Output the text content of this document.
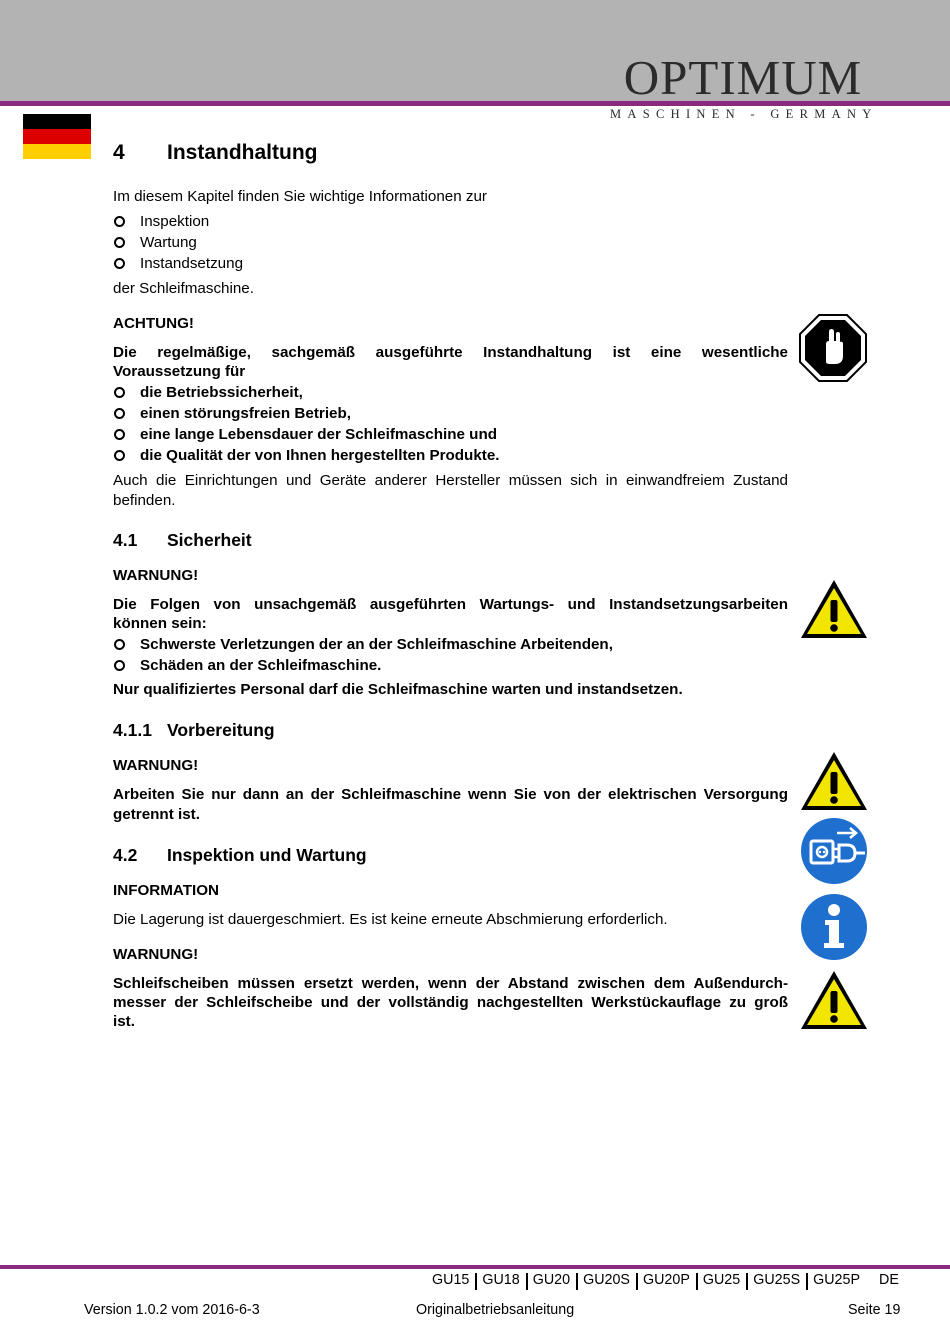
OPTIMUM
MASCHINEN - GERMANY
4 Instandhaltung
Im diesem Kapitel finden Sie wichtige Informationen zur
Inspektion
Wartung
Instandsetzung
der Schleifmaschine.
ACHTUNG!
Die regelmäßige, sachgemäß ausgeführte Instandhaltung ist eine wesentliche
Voraussetzung für
die Betriebssicherheit,
einen störungsfreien Betrieb,
eine lange Lebensdauer der Schleifmaschine und
die Qualität der von Ihnen hergestellten Produkte.
Auch die Einrichtungen und Geräte anderer Hersteller müssen sich in einwandfreiem Zustand befinden.
4.1 Sicherheit
WARNUNG!
Die Folgen von unsachgemäß ausgeführten Wartungs- und Instandsetzungsarbeiten
können sein:
Schwerste Verletzungen der an der Schleifmaschine Arbeitenden,
Schäden an der Schleifmaschine.
Nur qualifiziertes Personal darf die Schleifmaschine warten und instandsetzen.
4.1.1 Vorbereitung
WARNUNG!
Arbeiten Sie nur dann an der Schleifmaschine wenn Sie von der elektrischen Versorgung getrennt ist.
4.2 Inspektion und Wartung
INFORMATION
Die Lagerung ist dauergeschmiert. Es ist keine erneute Abschmierung erforderlich.
WARNUNG!
Schleifscheiben müssen ersetzt werden, wenn der Abstand zwischen dem Außendurch-
messer der Schleifscheibe und der vollständig nachgestellten Werkstückauflage zu groß
ist.
GU15 GU18 GU20 GU20S GU20P GU25 GU25S GU25P DE
Version 1.0.2 vom 2016-6-3	Originalbetriebsanleitung	Seite 19
